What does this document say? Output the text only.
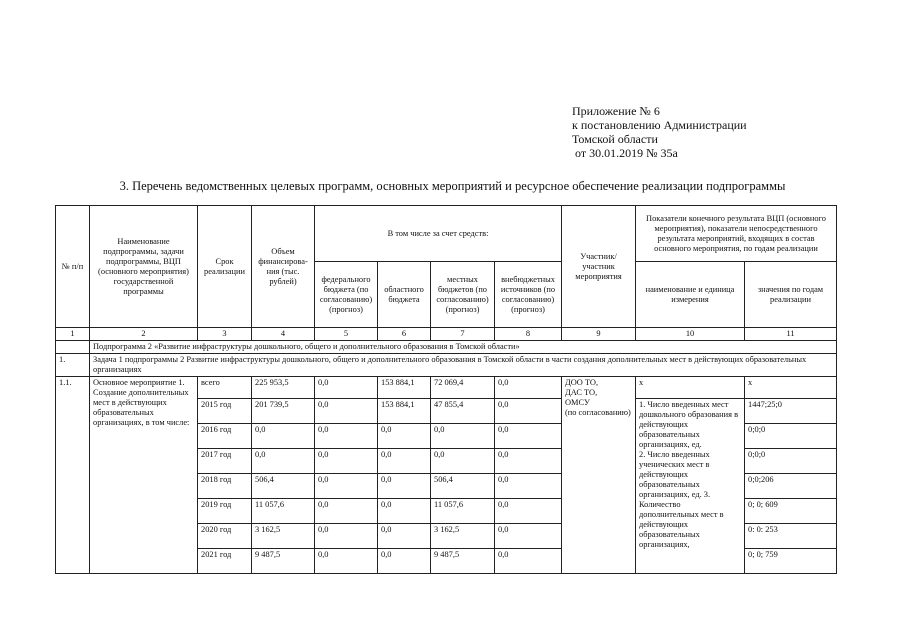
Приложение № 6
к постановлению Администрации
Томской области
от 30.01.2019 № 35а
3. Перечень ведомственных целевых программ, основных мероприятий и ресурсное обеспечение реализации подпрограммы
№ п/п	Наименование подпрограммы, задачи подпрограммы, ВЦП (основного мероприятия) государственной программы	Срок реализации	Объем финансирова-ния (тыс. рублей)	В том числе за счет средств:				Участник/ участник мероприятия	Показатели конечного результата ВЦП (основного мероприятия), показатели непосредственного результата мероприятий, входящих в состав основного мероприятия, по годам реализации	
				федерального бюджета (по согласованию) (прогноз)	областного бюджета	местных бюджетов (по согласованию) (прогноз)	внебюджетных источников (по согласованию) (прогноз)		наименование и единица измерения	значения по годам реализации
1	2	3	4	5	6	7	8	9	10	11
	Подпрограмма 2 «Развитие инфраструктуры дошкольного, общего и дополнительного образования в Томской области»									
1.	Задача 1 подпрограммы 2 Развитие инфраструктуры дошкольного, общего и дополнительного образования в Томской области в части создания дополнительных мест в действующих образовательных организациях									
1.1.	Основное мероприятие 1. Создание дополнительных мест в действующих образовательных организациях, в том числе:	всего	225 953,5	0,0	153 884,1	72 069,4	0,0	ДОО ТО,
ДАС ТО,
ОМСУ
(по согласованию)	х	х
		2015 год	201 739,5	0,0	153 884,1	47 855,4	0,0		1. Число введенных мест дошкольного образования в действующих образовательных организациях, ед.
2. Число введенных ученических мест в действующих образовательных организациях, ед. 3. Количество дополнительных мест в действующих образовательных организациях,	1447;25;0
		2016 год	0,0	0,0	0,0	0,0	0,0			0;0;0
		2017 год	0,0	0,0	0,0	0,0	0,0			0;0;0
		2018 год	506,4	0,0	0,0	506,4	0,0			0;0;206
		2019 год	11 057,6	0,0	0,0	11 057,6	0,0			0; 0; 609
		2020 год	3 162,5	0,0	0,0	3 162,5	0,0			0: 0: 253
		2021 год	9 487,5	0,0	0,0	9 487,5	0,0			0; 0; 759
